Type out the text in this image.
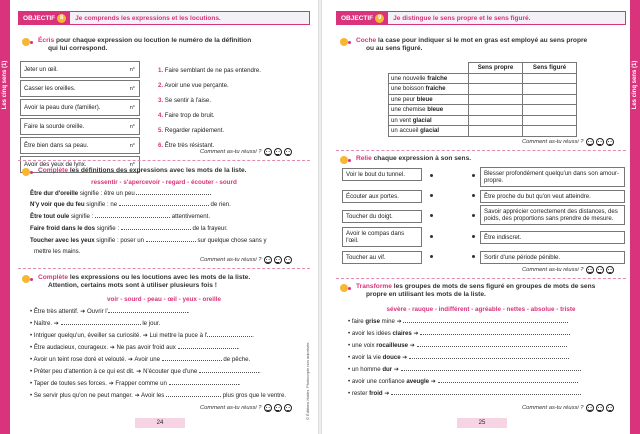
Les cinq sens (1)
OBJECTIF 8	Je comprends les expressions et les locutions.
Écris pour chaque expression ou locution le numéro de la définition
qui lui correspond.
Jeter un œil.	n°
Casser les oreilles.	n°
Avoir la peau dure (familier).	n°
Faire la sourde oreille.	n°
Être bien dans sa peau.	n°
Avoir des yeux de lynx.	n°
1. Faire semblant de ne pas entendre.
2. Avoir une vue perçante.
3. Se sentir à l'aise.
4. Faire trop de bruit.
5. Regarder rapidement.
6. Être très résistant.
Comment as-tu réussi ?
Complète les définitions des expressions avec les mots de la liste.
ressentir - s'apercevoir - regard - écouter - sourd
Être dur d'oreille signifie : être un peu
N'y voir que du feu signifie : ne	de rien.
Être tout ouïe signifie :	attentivement.
Faire froid dans le dos signifie :	de la frayeur.
Toucher avec les yeux signifie : poser un	sur quelque chose sans y
mettre les mains.
Comment as-tu réussi ?
Complète les expressions ou les locutions avec les mots de la liste.
Attention, certains mots sont à utiliser plusieurs fois !
voir - sourd - peau - œil - yeux - oreille
• Être très attentif. ➔ Ouvrir l'	.
• Naître. ➔	le jour.
• Intriguer quelqu'un, éveiller sa curiosité. ➔ Lui mettre la puce à l'	.
• Être audacieux, courageux. ➔ Ne pas avoir froid aux	.
• Avoir un teint rose doré et velouté. ➔ Avoir une	de pêche.
• Prêter peu d'attention à ce qui est dit. ➔ N'écouter que d'une	.
• Taper de toutes ses forces. ➔ Frapper comme un	.
• Se servir plus qu'on ne peut manger. ➔ Avoir les	plus gros que le ventre.
Comment as-tu réussi ?
24
© Éditions Hatier. Photocopie non autorisée.
Les cinq sens (1)
OBJECTIF 9	Je distingue le sens propre et le sens figuré.
Coche la case pour indiquer si le mot en gras est employé au sens propre
ou au sens figuré.
	Sens propre	Sens figuré
une nouvelle fraîche		
une boisson fraîche		
une peur bleue		
une chemise bleue		
un vent glacial		
un accueil glacial		
Comment as-tu réussi ?
Relie chaque expression à son sens.
Voir le bout du tunnel.
Écouter aux portes.
Toucher du doigt.
Avoir le compas dans l'œil.
Toucher au vif.
Blesser profondément quelqu'un dans son amour-propre.
Être proche du but qu'on veut atteindre.
Savoir apprécier correctement des distances, des poids, des proportions sans prendre de mesure.
Être indiscret.
Sortir d'une période pénible.
Comment as-tu réussi ?
Transforme les groupes de mots de sens figuré en groupes de mots de sens
propre en utilisant les mots de la liste.
sévère - rauque - indifférent - agréable - nettes - absolue - triste
• faire grise mine ➔
• avoir les idées claires ➔
• une voix rocailleuse ➔
• avoir la vie douce ➔
• un homme dur ➔
• avoir une confiance aveugle ➔
• rester froid ➔
Comment as-tu réussi ?
25
